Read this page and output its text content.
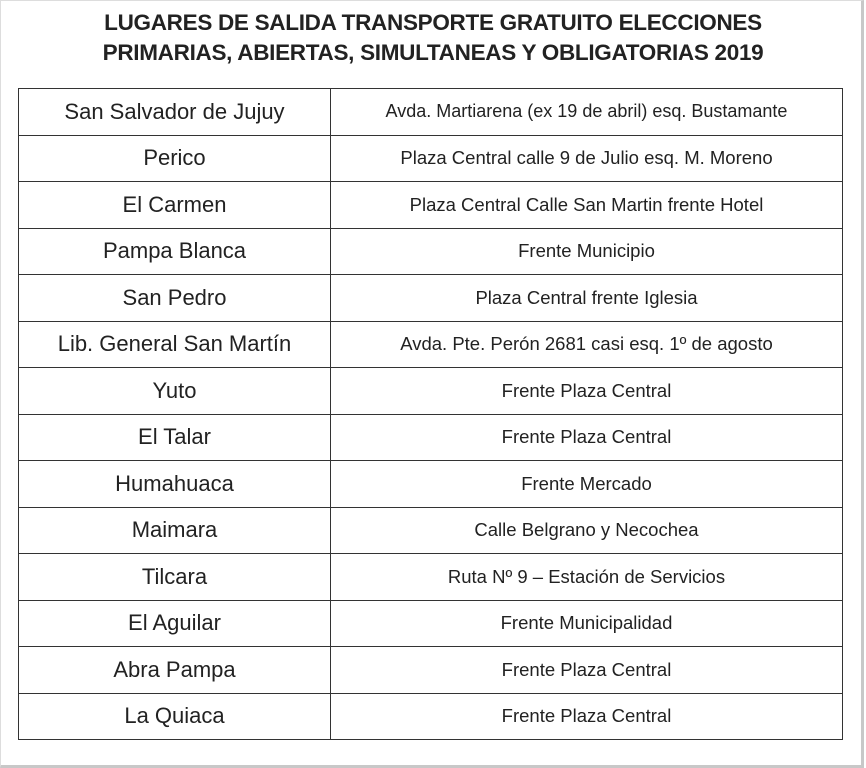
LUGARES DE SALIDA TRANSPORTE GRATUITO ELECCIONES
PRIMARIAS, ABIERTAS, SIMULTANEAS Y OBLIGATORIAS 2019
San Salvador de Jujuy	Avda. Martiarena (ex 19 de abril) esq. Bustamante
Perico	Plaza Central calle 9 de Julio esq. M. Moreno
El Carmen	Plaza Central Calle San Martin frente Hotel
Pampa Blanca	Frente Municipio
San Pedro	Plaza Central frente Iglesia
Lib. General San Martín	Avda. Pte. Perón 2681 casi esq. 1º de agosto
Yuto	Frente Plaza Central
El Talar	Frente Plaza Central
Humahuaca	Frente Mercado
Maimara	Calle Belgrano y Necochea
Tilcara	Ruta Nº 9 – Estación de Servicios
El Aguilar	Frente Municipalidad
Abra Pampa	Frente Plaza Central
La Quiaca	Frente Plaza Central
